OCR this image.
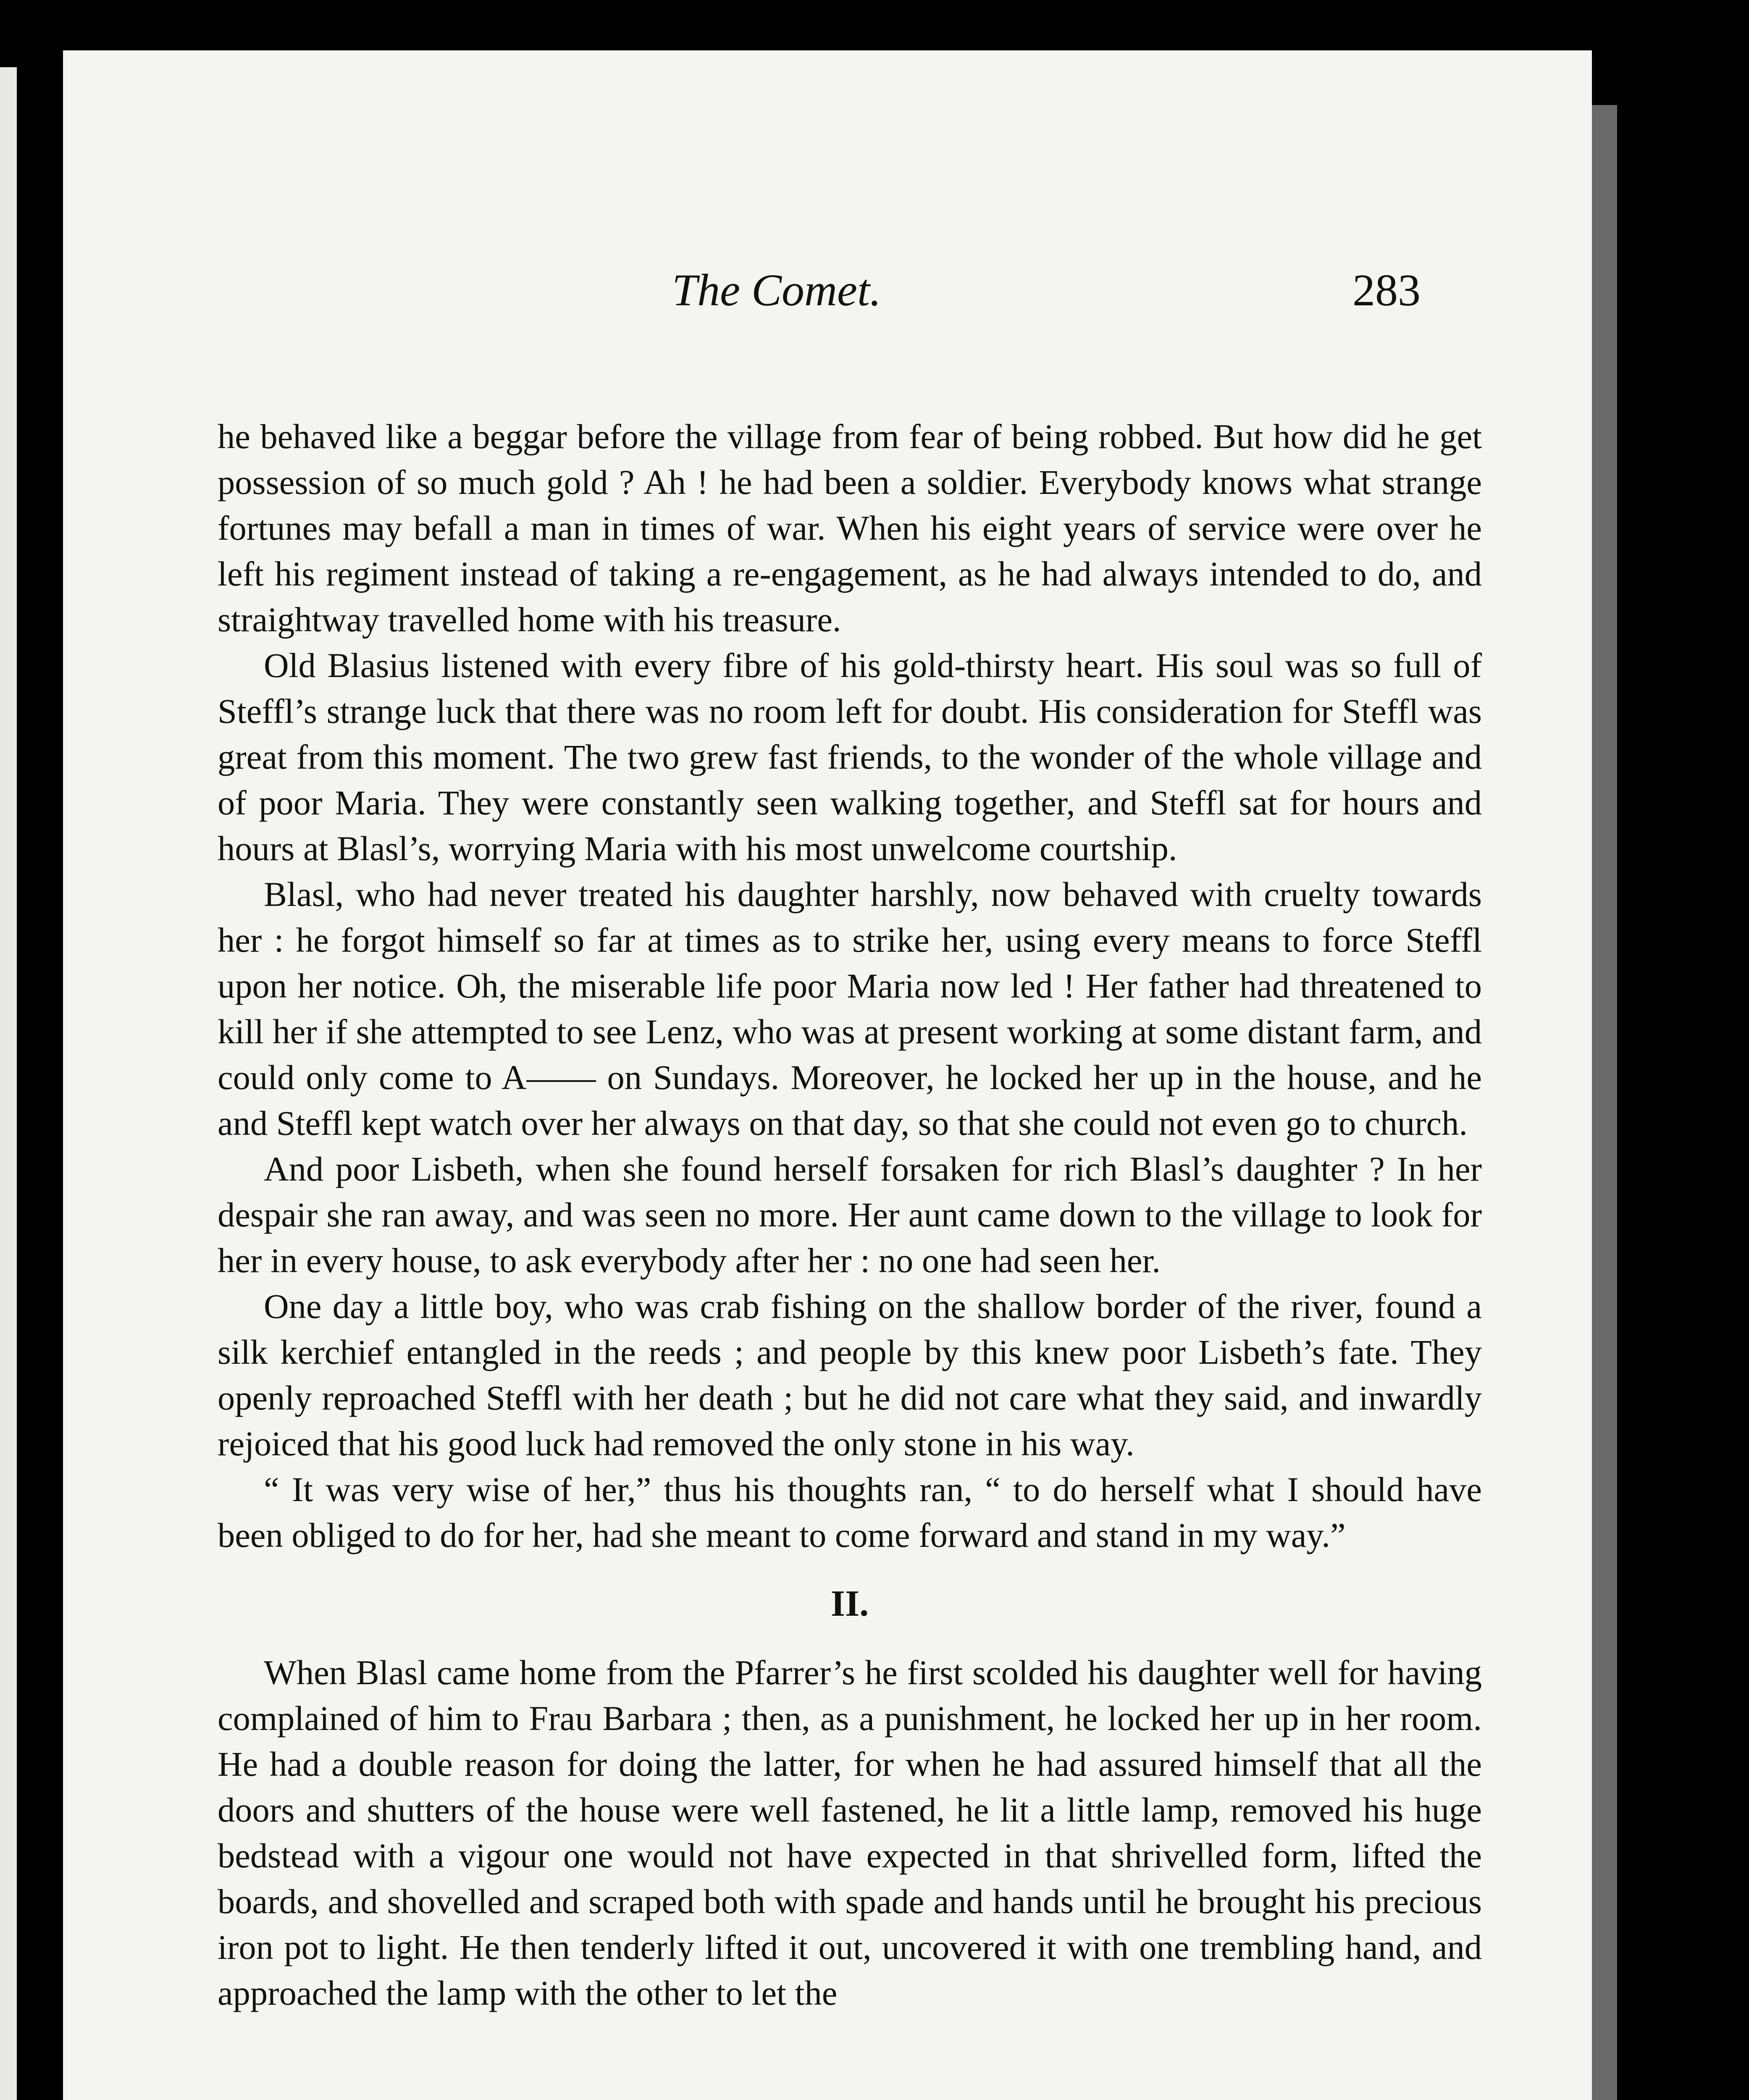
The Comet.	283

he behaved like a beggar before the village from fear of being robbed. But how did he get possession of so much gold ? Ah ! he had been a soldier. Everybody knows what strange fortunes may befall a man in times of war. When his eight years of service were over he left his regiment instead of taking a re-engagement, as he had always intended to do, and straightway travelled home with his treasure.

Old Blasius listened with every fibre of his gold-thirsty heart. His soul was so full of Steffl’s strange luck that there was no room left for doubt. His consideration for Steffl was great from this moment. The two grew fast friends, to the wonder of the whole village and of poor Maria. They were constantly seen walking together, and Steffl sat for hours and hours at Blasl’s, worrying Maria with his most unwelcome courtship.

Blasl, who had never treated his daughter harshly, now behaved with cruelty towards her : he forgot himself so far at times as to strike her, using every means to force Steffl upon her notice. Oh, the miserable life poor Maria now led ! Her father had threatened to kill her if she attempted to see Lenz, who was at present working at some distant farm, and could only come to A—— on Sundays. Moreover, he locked her up in the house, and he and Steffl kept watch over her always on that day, so that she could not even go to church.

And poor Lisbeth, when she found herself forsaken for rich Blasl’s daughter ? In her despair she ran away, and was seen no more. Her aunt came down to the village to look for her in every house, to ask everybody after her : no one had seen her.

One day a little boy, who was crab fishing on the shallow border of the river, found a silk kerchief entangled in the reeds ; and people by this knew poor Lisbeth’s fate. They openly reproached Steffl with her death ; but he did not care what they said, and inwardly rejoiced that his good luck had removed the only stone in his way.

“ It was very wise of her,” thus his thoughts ran, “ to do herself what I should have been obliged to do for her, had she meant to come forward and stand in my way.”

II.

When Blasl came home from the Pfarrer’s he first scolded his daughter well for having complained of him to Frau Barbara ; then, as a punishment, he locked her up in her room. He had a double reason for doing the latter, for when he had assured himself that all the doors and shutters of the house were well fastened, he lit a little lamp, removed his huge bedstead with a vigour one would not have expected in that shrivelled form, lifted the boards, and shovelled and scraped both with spade and hands until he brought his precious iron pot to light. He then tenderly lifted it out, uncovered it with one trembling hand, and approached the lamp with the other to let the
